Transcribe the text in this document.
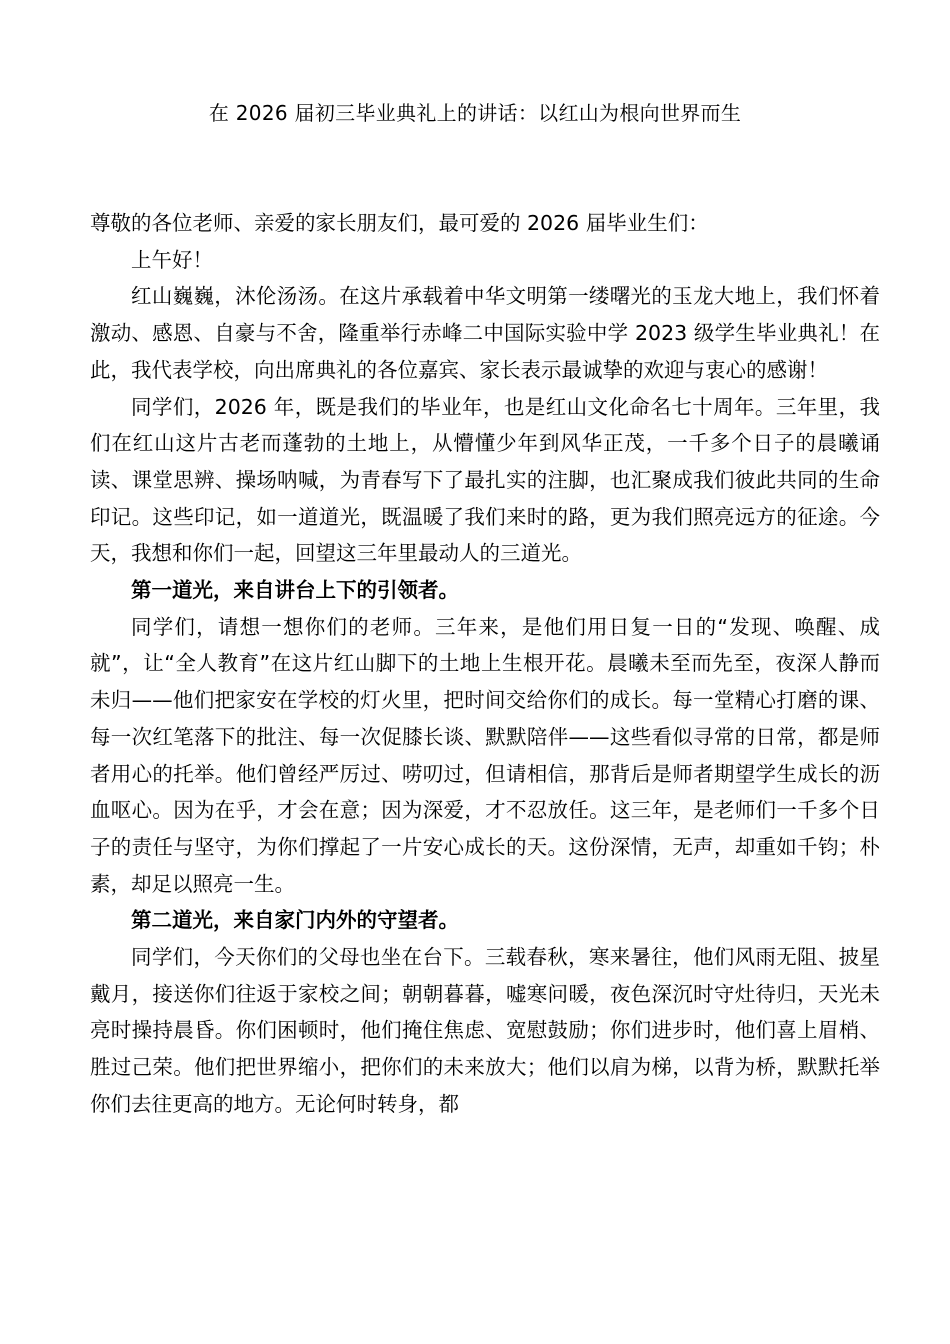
在 2026 届初三毕业典礼上的讲话：以红山为根向世界而生

尊敬的各位老师、亲爱的家长朋友们，最可爱的 2026 届毕业生们：

上午好！

红山巍巍，沐伦汤汤。在这片承载着中华文明第一缕曙光的玉龙大地上，我们怀着激动、感恩、自豪与不舍，隆重举行赤峰二中国际实验中学 2023 级学生毕业典礼！在此，我代表学校，向出席典礼的各位嘉宾、家长表示最诚挚的欢迎与衷心的感谢！

同学们，2026 年，既是我们的毕业年，也是红山文化命名七十周年。三年里，我们在红山这片古老而蓬勃的土地上，从懵懂少年到风华正茂，一千多个日子的晨曦诵读、课堂思辨、操场呐喊，为青春写下了最扎实的注脚，也汇聚成我们彼此共同的生命印记。这些印记，如一道道光，既温暖了我们来时的路，更为我们照亮远方的征途。今天，我想和你们一起，回望这三年里最动人的三道光。

第一道光，来自讲台上下的引领者。

同学们，请想一想你们的老师。三年来，是他们用日复一日的“发现、唤醒、成就”，让“全人教育”在这片红山脚下的土地上生根开花。晨曦未至而先至，夜深人静而未归——他们把家安在学校的灯火里，把时间交给你们的成长。每一堂精心打磨的课、每一次红笔落下的批注、每一次促膝长谈、默默陪伴——这些看似寻常的日常，都是师者用心的托举。他们曾经严厉过、唠叨过，但请相信，那背后是师者期望学生成长的沥血呕心。因为在乎，才会在意；因为深爱，才不忍放任。这三年，是老师们一千多个日子的责任与坚守，为你们撑起了一片安心成长的天。这份深情，无声，却重如千钧；朴素，却足以照亮一生。

第二道光，来自家门内外的守望者。

同学们，今天你们的父母也坐在台下。三载春秋，寒来暑往，他们风雨无阻、披星戴月，接送你们往返于家校之间；朝朝暮暮，嘘寒问暖，夜色深沉时守灶待归，天光未亮时操持晨昏。你们困顿时，他们掩住焦虑、宽慰鼓励；你们进步时，他们喜上眉梢、胜过己荣。他们把世界缩小，把你们的未来放大；他们以肩为梯，以背为桥，默默托举你们去往更高的地方。无论何时转身，都
